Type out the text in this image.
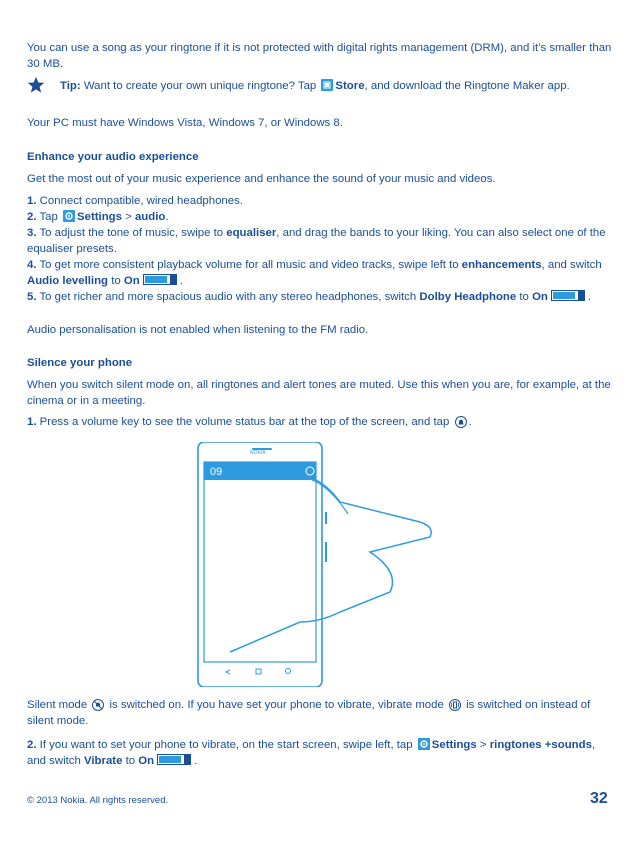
You can use a song as your ringtone if it is not protected with digital rights management (DRM), and it’s smaller than 30 MB.
Tip: Want to create your own unique ringtone? Tap Store, and download the Ringtone Maker app.
Your PC must have Windows Vista, Windows 7, or Windows 8.
Enhance your audio experience
Get the most out of your music experience and enhance the sound of your music and videos.
1. Connect compatible, wired headphones.
2. Tap Settings > audio.
3. To adjust the tone of music, swipe to equaliser, and drag the bands to your liking. You can also select one of the equaliser presets.
4. To get more consistent playback volume for all music and video tracks, swipe left to enhancements, and switch Audio levelling to On	.
5. To get richer and more spacious audio with any stereo headphones, switch Dolby Headphone to On	.
Audio personalisation is not enabled when listening to the FM radio.
Silence your phone
When you switch silent mode on, all ringtones and alert tones are muted. Use this when you are, for example, at the cinema or in a meeting.
1. Press a volume key to see the volume status bar at the top of the screen, and tap .
09
NOKIA
Silent mode is switched on. If you have set your phone to vibrate, vibrate mode is switched on instead of silent mode.
2. If you want to set your phone to vibrate, on the start screen, swipe left, tap Settings > ringtones +sounds, and switch Vibrate to On	.
© 2013 Nokia. All rights reserved.	32
